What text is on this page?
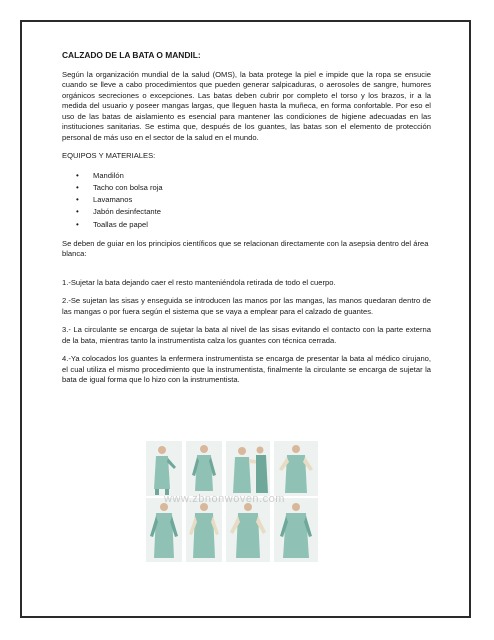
CALZADO DE LA BATA O MANDIL:

Según la organización mundial de la salud (OMS), la bata protege la piel e impide que la ropa se ensucie cuando se lleve a cabo procedimientos que pueden generar salpicaduras, o aerosoles de sangre, humores orgánicos secreciones o excepciones. Las batas deben cubrir por completo el torso y los brazos, ir a la medida del usuario y poseer mangas largas, que lleguen hasta la muñeca, en forma confortable. Por eso el uso de las batas de aislamiento es esencial para mantener las condiciones de higiene adecuadas en las instituciones sanitarias. Se estima que, después de los guantes, las batas son el elemento de protección personal de más uso en el sector de la salud en el mundo.

EQUIPOS Y MATERIALES:

• Mandilón
• Tacho con bolsa roja
• Lavamanos
• Jabón desinfectante
• Toallas de papel

Se deben de guiar en los principios científicos que se relacionan directamente con la asepsia dentro del área blanca:

1.-Sujetar la bata dejando caer el resto manteniéndola retirada de todo el cuerpo.

2.-Se sujetan las sisas y enseguida se introducen las manos por las mangas, las manos quedaran dentro de las mangas o por fuera según el sistema que se vaya a emplear para el calzado de guantes.

3.- La circulante se encarga de sujetar la bata al nivel de las sisas evitando el contacto con la parte externa de la bata, mientras tanto la instrumentista calza los guantes con técnica cerrada.

4.-Ya colocados los guantes la enfermera instrumentista se encarga de presentar la bata al médico cirujano, el cual utiliza el mismo procedimiento que la instrumentista, finalmente la circulante se encarga de sujetar la bata de igual forma que lo hizo con la instrumentista.

www.zbnonwoven.com
